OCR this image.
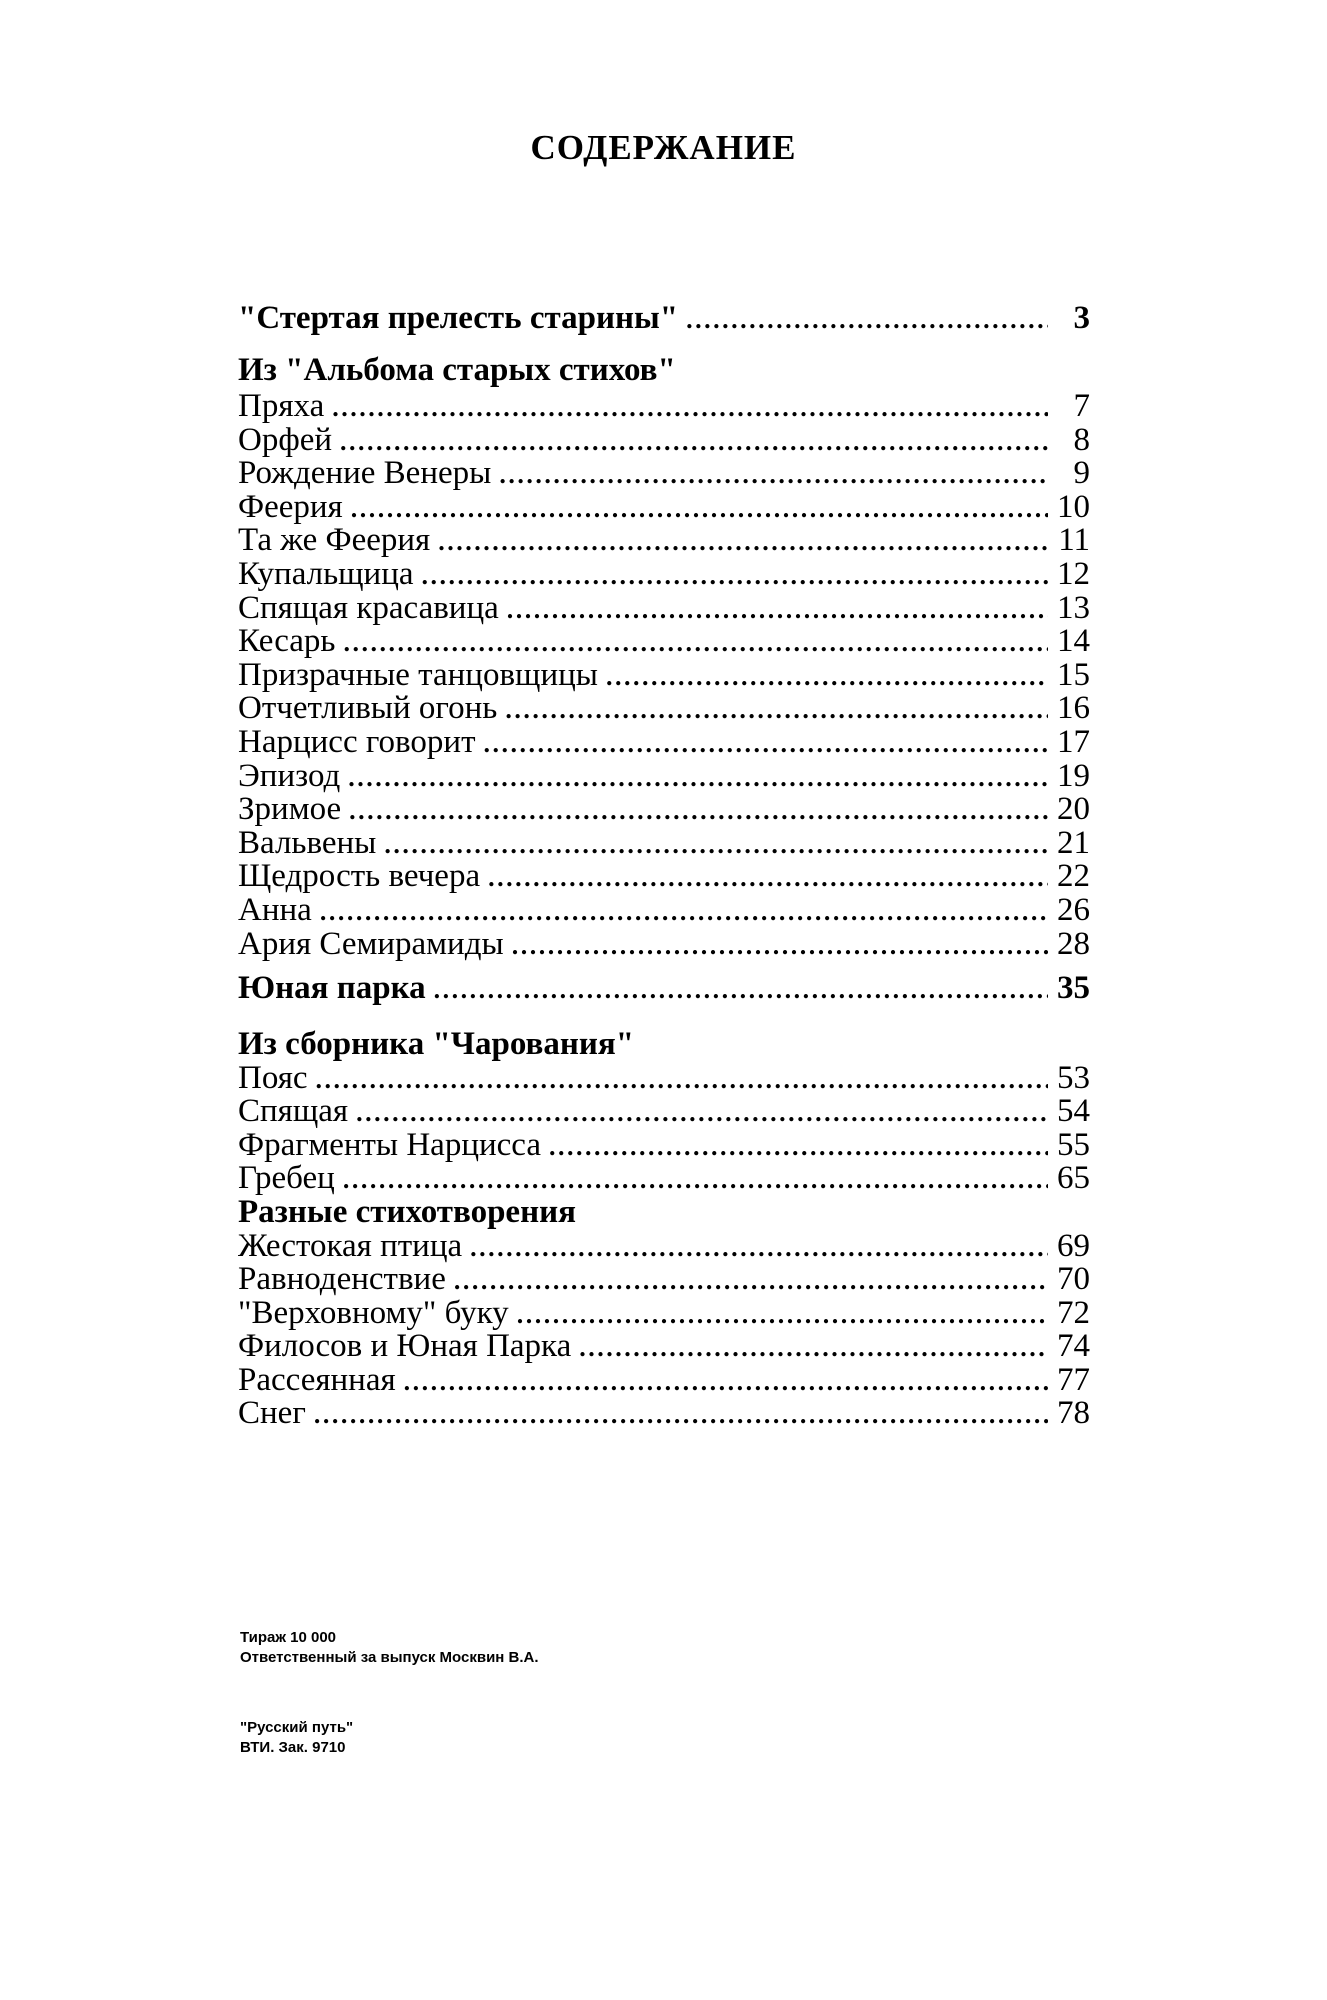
СОДЕРЖАНИЕ
"Стертая прелесть старины" . . .	3
Из "Альбома старых стихов"
Пряха . . .	7
Орфей . . .	8
Рождение Венеры . . .	9
Феерия . . .	10
Та же Феерия . . .	11
Купальщица . . .	12
Спящая красавица . . .	13
Кесарь . . .	14
Призрачные танцовщицы . . .	15
Отчетливый огонь . . .	16
Нарцисс говорит . . .	17
Эпизод . . .	19
Зримое . . .	20
Вальвены . . .	21
Щедрость вечера . . .	22
Анна . . .	26
Ария Семирамиды . . .	28
Юная парка . . .	35
Из сборника "Чарования"
Пояс . . .	53
Спящая . . .	54
Фрагменты Нарцисса . . .	55
Гребец . . .	65
Разные стихотворения
Жестокая птица . . .	69
Равноденствие . . .	70
"Верховному" буку . . .	72
Филосов и Юная Парка . . .	74
Рассеянная . . .	77
Снег . . .	78
Тираж 10 000
Ответственный за выпуск Москвин В.А.
"Русский путь"
ВТИ. Зак. 9710
